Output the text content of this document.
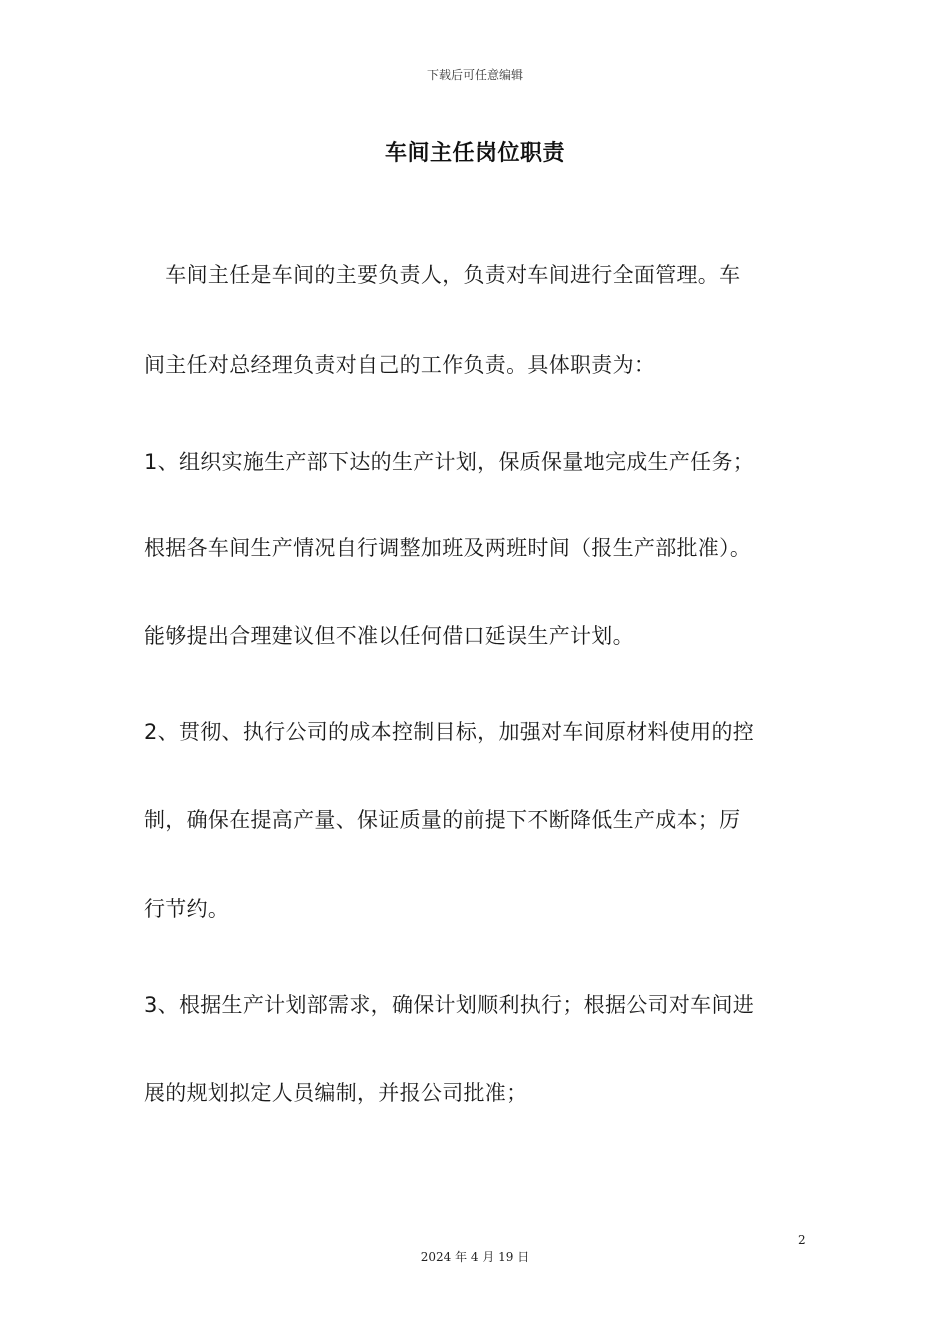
下载后可任意编辑
车间主任岗位职责
　车间主任是车间的主要负责人，负责对车间进行全面管理。车
间主任对总经理负责对自己的工作负责。具体职责为：
1、组织实施生产部下达的生产计划，保质保量地完成生产任务；
根据各车间生产情况自行调整加班及两班时间（报生产部批准）。
能够提出合理建议但不准以任何借口延误生产计划。
2、贯彻、执行公司的成本控制目标，加强对车间原材料使用的控
制，确保在提高产量、保证质量的前提下不断降低生产成本；厉
行节约。
3、根据生产计划部需求，确保计划顺利执行；根据公司对车间进
展的规划拟定人员编制，并报公司批准；
2
2024 年 4 月 19 日
